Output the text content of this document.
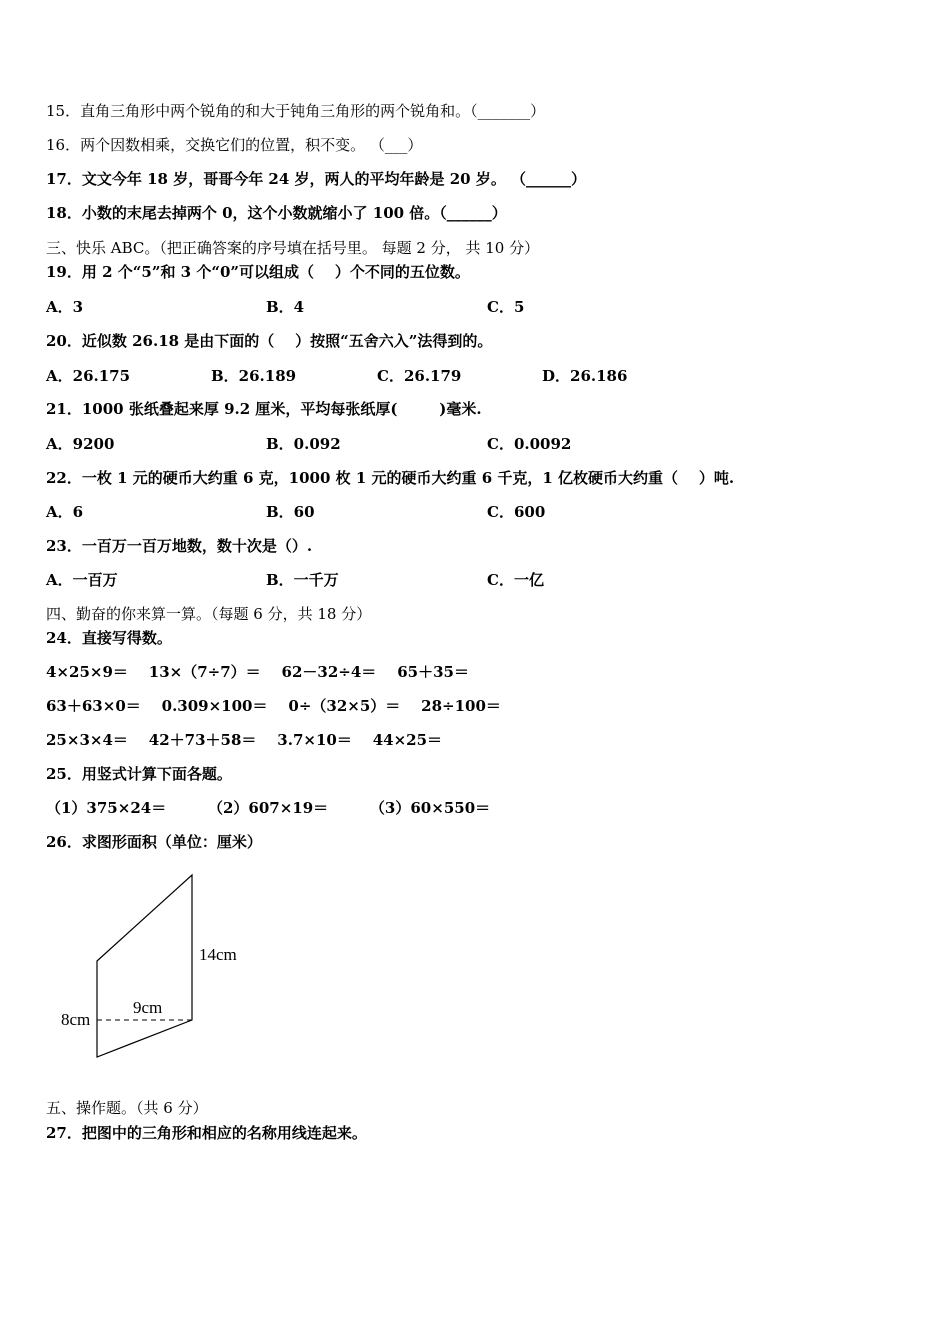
15．直角三角形中两个锐角的和大于钝角三角形的两个锐角和。（_______）
16．两个因数相乘，交换它们的位置，积不变。 （___）
17．文文今年 18 岁，哥哥今年 24 岁，两人的平均年龄是 20 岁。 （______）
18．小数的末尾去掉两个 0，这个小数就缩小了 100 倍。（______）
三、快乐 ABC。（把正确答案的序号填在括号里。 每题 2 分， 共 10 分）
19．用 2 个“5”和 3 个“0”可以组成（    ）个不同的五位数。
A．3	B．4	C．5
20．近似数 26.18 是由下面的（    ）按照“五舍六入”法得到的。
A．26.175	B．26.189	C．26.179	D．26.186
21．1000 张纸叠起来厚 9.2 厘米，平均每张纸厚(        )毫米.
A．9200	B．0.092	C．0.0092
22．一枚 1 元的硬币大约重 6 克，1000 枚 1 元的硬币大约重 6 千克，1 亿枚硬币大约重（    ）吨.
A．6	B．60	C．600
23．一百万一百万地数，数十次是（）.
A．一百万	B．一千万	C．一亿
四、勤奋的你来算一算。（每题 6 分，共 18 分）
24．直接写得数。
4×25×9＝    13×（7÷7）＝    62－32÷4＝    65＋35＝
63＋63×0＝    0.309×100＝    0÷（32×5）＝    28÷100＝
25×3×4＝    42＋73＋58＝    3.7×10＝    44×25＝
25．用竖式计算下面各题。
（1）375×24＝        （2）607×19＝        （3）60×550＝
26．求图形面积（单位：厘米）
14cm
9cm
8cm
五、操作题。（共 6 分）
27．把图中的三角形和相应的名称用线连起来。
